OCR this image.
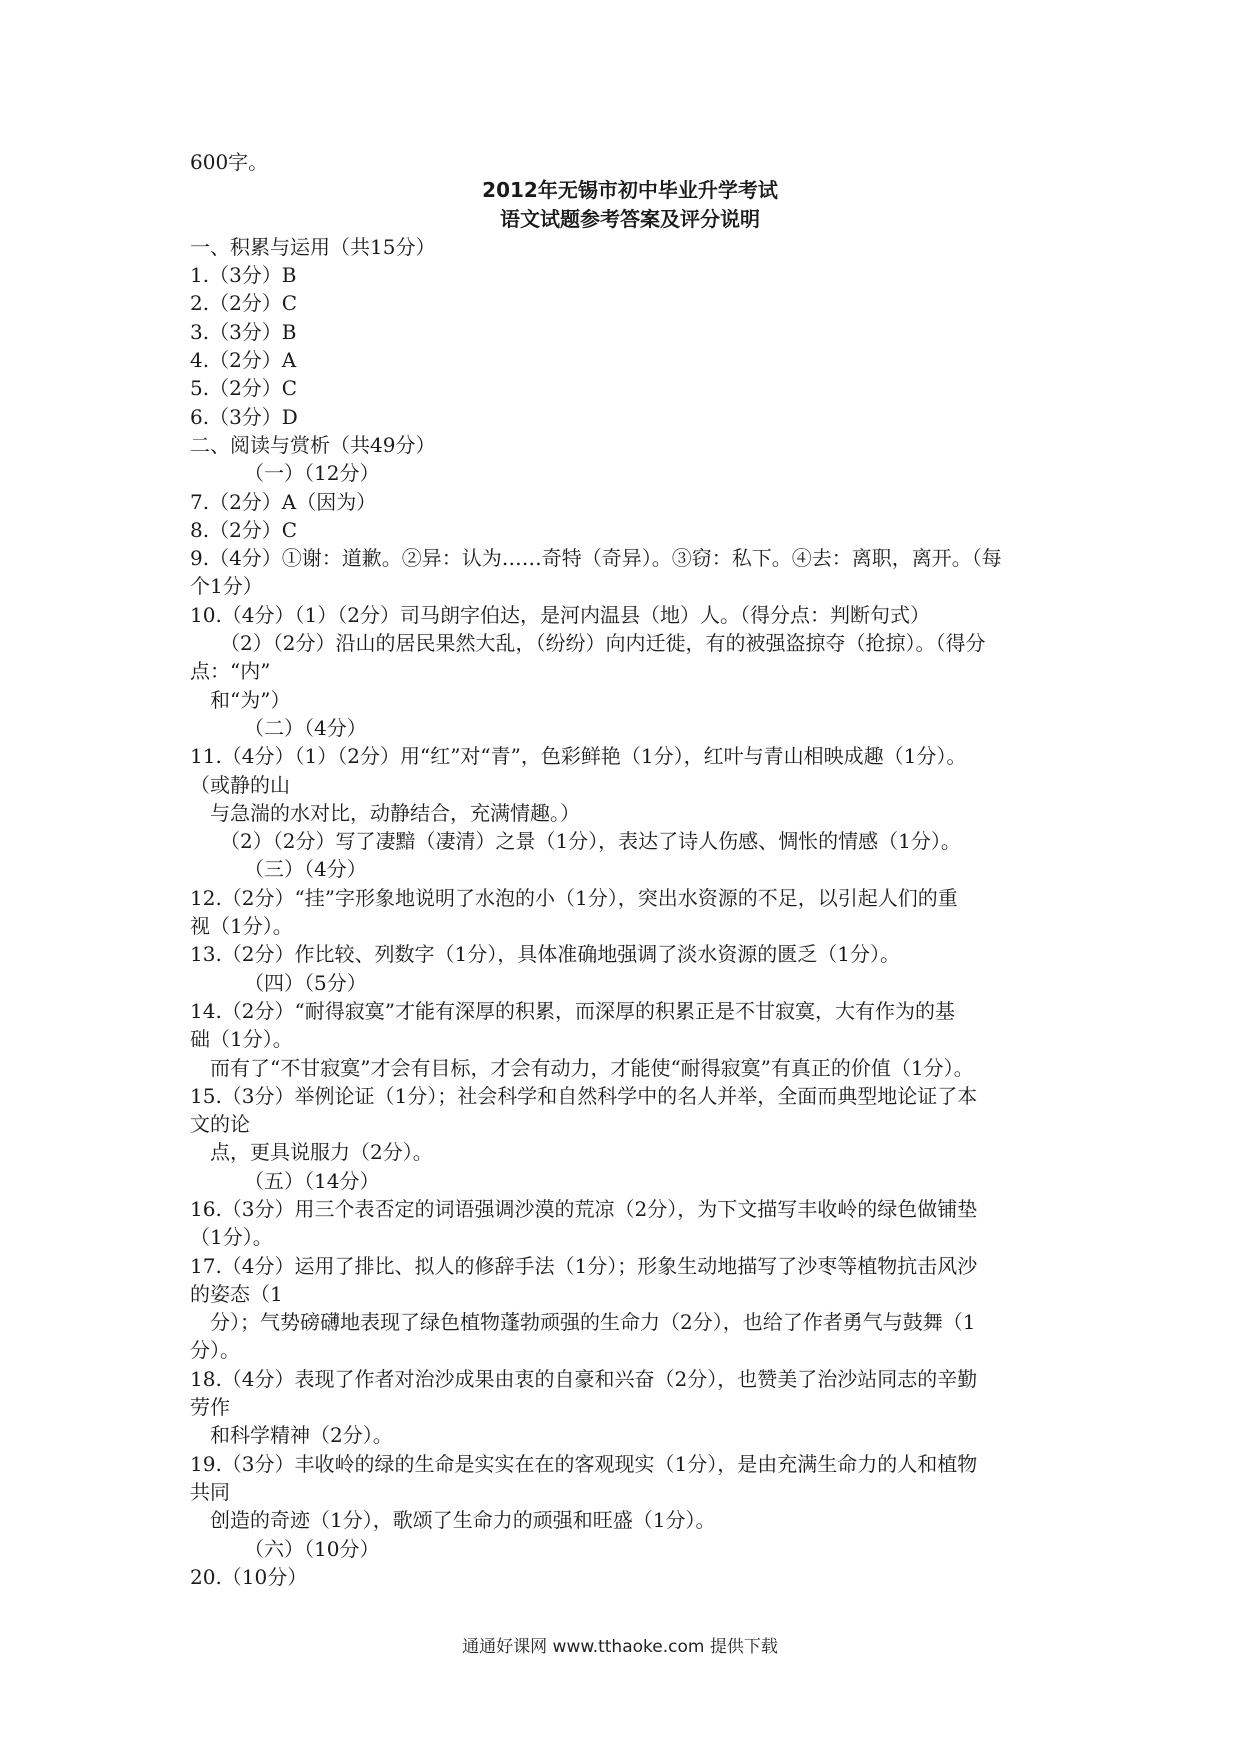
600字。
2012年无锡市初中毕业升学考试
语文试题参考答案及评分说明
一、积累与运用（共15分）
1.（3分）B
2.（2分）C
3.（3分）B
4.（2分）A
5.（2分）C
6.（3分）D
二、阅读与赏析（共49分）
（一）（12分）
7.（2分）A（因为）
8.（2分）C
9.（4分）①谢：道歉。②异：认为……奇特（奇异）。③窃：私下。④去：离职，离开。（每
个1分）
10.（4分）（1）（2分）司马朗字伯达，是河内温县（地）人。（得分点：判断句式）
（2）（2分）沿山的居民果然大乱，（纷纷）向内迁徙，有的被强盗掠夺（抢掠）。（得分
点：“内”
和“为”）
（二）（4分）
11.（4分）（1）（2分）用“红”对“青”，色彩鲜艳（1分），红叶与青山相映成趣（1分）。
（或静的山
与急湍的水对比，动静结合，充满情趣。）
（2）（2分）写了凄黯（凄清）之景（1分），表达了诗人伤感、惆怅的情感（1分）。
（三）（4分）
12.（2分）“挂”字形象地说明了水泡的小（1分），突出水资源的不足，以引起人们的重
视（1分）。
13.（2分）作比较、列数字（1分），具体准确地强调了淡水资源的匮乏（1分）。
（四）（5分）
14.（2分）“耐得寂寞”才能有深厚的积累，而深厚的积累正是不甘寂寞，大有作为的基
础（1分）。
而有了“不甘寂寞”才会有目标，才会有动力，才能使“耐得寂寞”有真正的价值（1分）。
15.（3分）举例论证（1分）；社会科学和自然科学中的名人并举，全面而典型地论证了本
文的论
点，更具说服力（2分）。
（五）（14分）
16.（3分）用三个表否定的词语强调沙漠的荒凉（2分），为下文描写丰收岭的绿色做铺垫
（1分）。
17.（4分）运用了排比、拟人的修辞手法（1分）；形象生动地描写了沙枣等植物抗击风沙
的姿态（1
分）；气势磅礴地表现了绿色植物蓬勃顽强的生命力（2分），也给了作者勇气与鼓舞（1
分）。
18.（4分）表现了作者对治沙成果由衷的自豪和兴奋（2分），也赞美了治沙站同志的辛勤
劳作
和科学精神（2分）。
19.（3分）丰收岭的绿的生命是实实在在的客观现实（1分），是由充满生命力的人和植物
共同
创造的奇迹（1分），歌颂了生命力的顽强和旺盛（1分）。
（六）（10分）
20.（10分）
通通好课网 www.tthaoke.com 提供下载
